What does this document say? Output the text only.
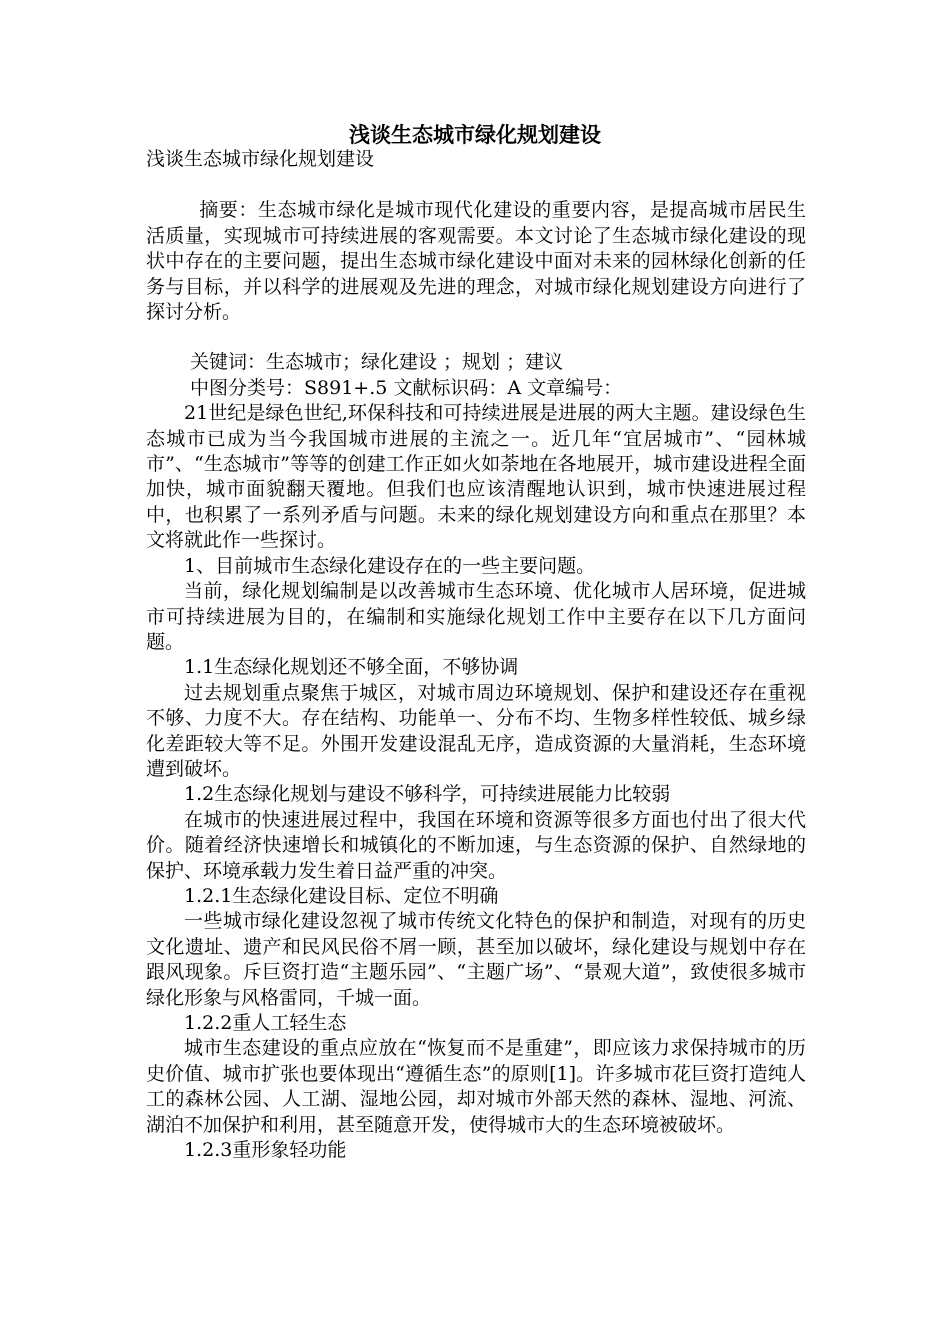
浅谈生态城市绿化规划建设

浅谈生态城市绿化规划建设

摘要：生态城市绿化是城市现代化建设的重要内容，是提高城市居民生活质量，实现城市可持续进展的客观需要。本文讨论了生态城市绿化建设的现状中存在的主要问题，提出生态城市绿化建设中面对未来的园林绿化创新的任务与目标，并以科学的进展观及先进的理念，对城市绿化规划建设方向进行了探讨分析。

关键词：生态城市；绿化建设 ；规划 ；建议

中图分类号：S891+.5 文献标识码：A 文章编号：

21世纪是绿色世纪,环保科技和可持续进展是进展的两大主题。建设绿色生态城市已成为当今我国城市进展的主流之一。近几年“宜居城市”、“园林城市”、“生态城市”等等的创建工作正如火如荼地在各地展开，城市建设进程全面加快，城市面貌翻天覆地。但我们也应该清醒地认识到，城市快速进展过程中，也积累了一系列矛盾与问题。未来的绿化规划建设方向和重点在那里？本文将就此作一些探讨。

1、目前城市生态绿化建设存在的一些主要问题。

当前，绿化规划编制是以改善城市生态环境、优化城市人居环境，促进城市可持续进展为目的，在编制和实施绿化规划工作中主要存在以下几方面问题。

1.1生态绿化规划还不够全面，不够协调

过去规划重点聚焦于城区，对城市周边环境规划、保护和建设还存在重视不够、力度不大。存在结构、功能单一、分布不均、生物多样性较低、城乡绿化差距较大等不足。外围开发建设混乱无序，造成资源的大量消耗，生态环境遭到破坏。

1.2生态绿化规划与建设不够科学，可持续进展能力比较弱

在城市的快速进展过程中，我国在环境和资源等很多方面也付出了很大代价。随着经济快速增长和城镇化的不断加速，与生态资源的保护、自然绿地的保护、环境承载力发生着日益严重的冲突。

1.2.1生态绿化建设目标、定位不明确

一些城市绿化建设忽视了城市传统文化特色的保护和制造，对现有的历史文化遗址、遗产和民风民俗不屑一顾，甚至加以破坏，绿化建设与规划中存在跟风现象。斥巨资打造“主题乐园”、“主题广场”、“景观大道”，致使很多城市绿化形象与风格雷同，千城一面。

1.2.2重人工轻生态

城市生态建设的重点应放在“恢复而不是重建”，即应该力求保持城市的历史价值、城市扩张也要体现出“遵循生态”的原则[1]。许多城市花巨资打造纯人工的森林公园、人工湖、湿地公园，却对城市外部天然的森林、湿地、河流、湖泊不加保护和利用，甚至随意开发，使得城市大的生态环境被破坏。

1.2.3重形象轻功能
